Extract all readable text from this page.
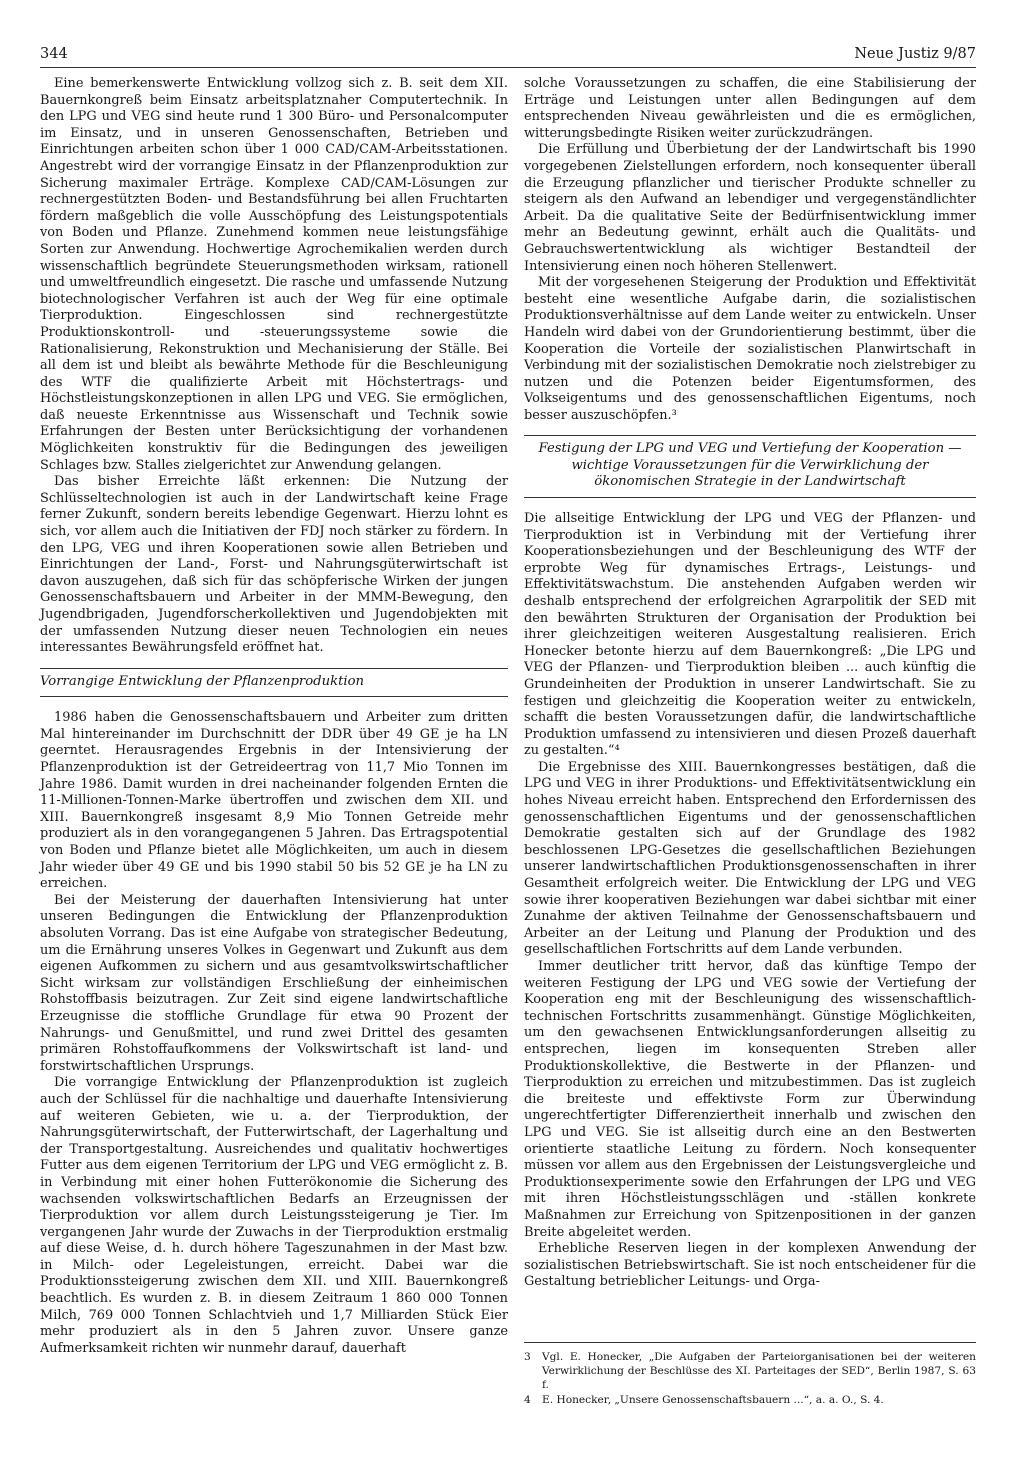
344	Neue Justiz 9/87

Eine bemerkenswerte Entwicklung vollzog sich z. B. seit dem XII. Bauernkongreß beim Einsatz arbeitsplatznaher Computertechnik. In den LPG und VEG sind heute rund 1 300 Büro- und Personalcomputer im Einsatz, und in unseren Genossenschaften, Betrieben und Einrichtungen arbeiten schon über 1 000 CAD/CAM-Arbeitsstationen. Angestrebt wird der vorrangige Einsatz in der Pflanzenproduktion zur Sicherung maximaler Erträge. Komplexe CAD/CAM-Lösungen zur rechnergestützten Boden- und Bestandsführung bei allen Fruchtarten fördern maßgeblich die volle Ausschöpfung des Leistungspotentials von Boden und Pflanze. Zunehmend kommen neue leistungsfähige Sorten zur Anwendung. Hochwertige Agrochemikalien werden durch wissenschaftlich begründete Steuerungsmethoden wirksam, rationell und umweltfreundlich eingesetzt. Die rasche und umfassende Nutzung biotechnologischer Verfahren ist auch der Weg für eine optimale Tierproduktion. Eingeschlossen sind rechnergestützte Produktionskontroll- und -steuerungssysteme sowie die Rationalisierung, Rekonstruktion und Mechanisierung der Ställe. Bei all dem ist und bleibt als bewährte Methode für die Beschleunigung des WTF die qualifizierte Arbeit mit Höchstertrags- und Höchstleistungskonzeptionen in allen LPG und VEG. Sie ermöglichen, daß neueste Erkenntnisse aus Wissenschaft und Technik sowie Erfahrungen der Besten unter Berücksichtigung der vorhandenen Möglichkeiten konstruktiv für die Bedingungen des jeweiligen Schlages bzw. Stalles zielgerichtet zur Anwendung gelangen.

Das bisher Erreichte läßt erkennen: Die Nutzung der Schlüsseltechnologien ist auch in der Landwirtschaft keine Frage ferner Zukunft, sondern bereits lebendige Gegenwart. Hierzu lohnt es sich, vor allem auch die Initiativen der FDJ noch stärker zu fördern. In den LPG, VEG und ihren Kooperationen sowie allen Betrieben und Einrichtungen der Land-, Forst- und Nahrungsgüterwirtschaft ist davon auszugehen, daß sich für das schöpferische Wirken der jungen Genossenschaftsbauern und Arbeiter in der MMM-Bewegung, den Jugendbrigaden, Jugendforscherkollektiven und Jugendobjekten mit der umfassenden Nutzung dieser neuen Technologien ein neues interessantes Bewährungsfeld eröffnet hat.

Vorrangige Entwicklung der Pflanzenproduktion

1986 haben die Genossenschaftsbauern und Arbeiter zum dritten Mal hintereinander im Durchschnitt der DDR über 49 GE je ha LN geerntet. Herausragendes Ergebnis in der Intensivierung der Pflanzenproduktion ist der Getreideertrag von 11,7 Mio Tonnen im Jahre 1986. Damit wurden in drei nacheinander folgenden Ernten die 11-Millionen-Tonnen-Marke übertroffen und zwischen dem XII. und XIII. Bauernkongreß insgesamt 8,9 Mio Tonnen Getreide mehr produziert als in den vorangegangenen 5 Jahren. Das Ertragspotential von Boden und Pflanze bietet alle Möglichkeiten, um auch in diesem Jahr wieder über 49 GE und bis 1990 stabil 50 bis 52 GE je ha LN zu erreichen.

Bei der Meisterung der dauerhaften Intensivierung hat unter unseren Bedingungen die Entwicklung der Pflanzenproduktion absoluten Vorrang. Das ist eine Aufgabe von strategischer Bedeutung, um die Ernährung unseres Volkes in Gegenwart und Zukunft aus dem eigenen Aufkommen zu sichern und aus gesamtvolkswirtschaftlicher Sicht wirksam zur vollständigen Erschließung der einheimischen Rohstoffbasis beizutragen. Zur Zeit sind eigene landwirtschaftliche Erzeugnisse die stoffliche Grundlage für etwa 90 Prozent der Nahrungs- und Genußmittel, und rund zwei Drittel des gesamten primären Rohstoffaufkommens der Volkswirtschaft ist land- und forstwirtschaftlichen Ursprungs.

Die vorrangige Entwicklung der Pflanzenproduktion ist zugleich auch der Schlüssel für die nachhaltige und dauerhafte Intensivierung auf weiteren Gebieten, wie u. a. der Tierproduktion, der Nahrungsgüterwirtschaft, der Futterwirtschaft, der Lagerhaltung und der Transportgestaltung. Ausreichendes und qualitativ hochwertiges Futter aus dem eigenen Territorium der LPG und VEG ermöglicht z. B. in Verbindung mit einer hohen Futterökonomie die Sicherung des wachsenden volkswirtschaftlichen Bedarfs an Erzeugnissen der Tierproduktion vor allem durch Leistungssteigerung je Tier. Im vergangenen Jahr wurde der Zuwachs in der Tierproduktion erstmalig auf diese Weise, d. h. durch höhere Tageszunahmen in der Mast bzw. in Milch- oder Legeleistungen, erreicht. Dabei war die Produktionssteigerung zwischen dem XII. und XIII. Bauernkongreß beachtlich. Es wurden z. B. in diesem Zeitraum 1 860 000 Tonnen Milch, 769 000 Tonnen Schlachtvieh und 1,7 Milliarden Stück Eier mehr produziert als in den 5 Jahren zuvor. Unsere ganze Aufmerksamkeit richten wir nunmehr darauf, dauerhaft

solche Voraussetzungen zu schaffen, die eine Stabilisierung der Erträge und Leistungen unter allen Bedingungen auf dem entsprechenden Niveau gewährleisten und die es ermöglichen, witterungsbedingte Risiken weiter zurückzudrängen.

Die Erfüllung und Überbietung der der Landwirtschaft bis 1990 vorgegebenen Zielstellungen erfordern, noch konsequenter überall die Erzeugung pflanzlicher und tierischer Produkte schneller zu steigern als den Aufwand an lebendiger und vergegenständlichter Arbeit. Da die qualitative Seite der Bedürfnisentwicklung immer mehr an Bedeutung gewinnt, erhält auch die Qualitäts- und Gebrauchswertentwicklung als wichtiger Bestandteil der Intensivierung einen noch höheren Stellenwert.

Mit der vorgesehenen Steigerung der Produktion und Effektivität besteht eine wesentliche Aufgabe darin, die sozialistischen Produktionsverhältnisse auf dem Lande weiter zu entwickeln. Unser Handeln wird dabei von der Grundorientierung bestimmt, über die Kooperation die Vorteile der sozialistischen Planwirtschaft in Verbindung mit der sozialistischen Demokratie noch zielstrebiger zu nutzen und die Potenzen beider Eigentumsformen, des Volkseigentums und des genossenschaftlichen Eigentums, noch besser auszuschöpfen.³

Festigung der LPG und VEG und Vertiefung der Kooperation — wichtige Voraussetzungen für die Verwirklichung der ökonomischen Strategie in der Landwirtschaft

Die allseitige Entwicklung der LPG und VEG der Pflanzen- und Tierproduktion ist in Verbindung mit der Vertiefung ihrer Kooperationsbeziehungen und der Beschleunigung des WTF der erprobte Weg für dynamisches Ertrags-, Leistungs- und Effektivitätswachstum. Die anstehenden Aufgaben werden wir deshalb entsprechend der erfolgreichen Agrarpolitik der SED mit den bewährten Strukturen der Organisation der Produktion bei ihrer gleichzeitigen weiteren Ausgestaltung realisieren. Erich Honecker betonte hierzu auf dem Bauernkongreß: „Die LPG und VEG der Pflanzen- und Tierproduktion bleiben ... auch künftig die Grundeinheiten der Produktion in unserer Landwirtschaft. Sie zu festigen und gleichzeitig die Kooperation weiter zu entwickeln, schafft die besten Voraussetzungen dafür, die landwirtschaftliche Produktion umfassend zu intensivieren und diesen Prozeß dauerhaft zu gestalten.“⁴

Die Ergebnisse des XIII. Bauernkongresses bestätigen, daß die LPG und VEG in ihrer Produktions- und Effektivitätsentwicklung ein hohes Niveau erreicht haben. Entsprechend den Erfordernissen des genossenschaftlichen Eigentums und der genossenschaftlichen Demokratie gestalten sich auf der Grundlage des 1982 beschlossenen LPG-Gesetzes die gesellschaftlichen Beziehungen unserer landwirtschaftlichen Produktionsgenossenschaften in ihrer Gesamtheit erfolgreich weiter. Die Entwicklung der LPG und VEG sowie ihrer kooperativen Beziehungen war dabei sichtbar mit einer Zunahme der aktiven Teilnahme der Genossenschaftsbauern und Arbeiter an der Leitung und Planung der Produktion und des gesellschaftlichen Fortschritts auf dem Lande verbunden.

Immer deutlicher tritt hervor, daß das künftige Tempo der weiteren Festigung der LPG und VEG sowie der Vertiefung der Kooperation eng mit der Beschleunigung des wissenschaftlich-technischen Fortschritts zusammenhängt. Günstige Möglichkeiten, um den gewachsenen Entwicklungsanforderungen allseitig zu entsprechen, liegen im konsequenten Streben aller Produktionskollektive, die Bestwerte in der Pflanzen- und Tierproduktion zu erreichen und mitzubestimmen. Das ist zugleich die breiteste und effektivste Form zur Überwindung ungerechtfertigter Differenziertheit innerhalb und zwischen den LPG und VEG. Sie ist allseitig durch eine an den Bestwerten orientierte staatliche Leitung zu fördern. Noch konsequenter müssen vor allem aus den Ergebnissen der Leistungsvergleiche und Produktionsexperimente sowie den Erfahrungen der LPG und VEG mit ihren Höchstleistungsschlägen und -ställen konkrete Maßnahmen zur Erreichung von Spitzenpositionen in der ganzen Breite abgeleitet werden.

Erhebliche Reserven liegen in der komplexen Anwendung der sozialistischen Betriebswirtschaft. Sie ist noch entscheidener für die Gestaltung betrieblicher Leitungs- und Orga-

3	Vgl. E. Honecker, „Die Aufgaben der Parteiorganisationen bei der weiteren Verwirklichung der Beschlüsse des XI. Parteitages der SED“, Berlin 1987, S. 63 f.
4	E. Honecker, „Unsere Genossenschaftsbauern ...“, a. a. O., S. 4.
